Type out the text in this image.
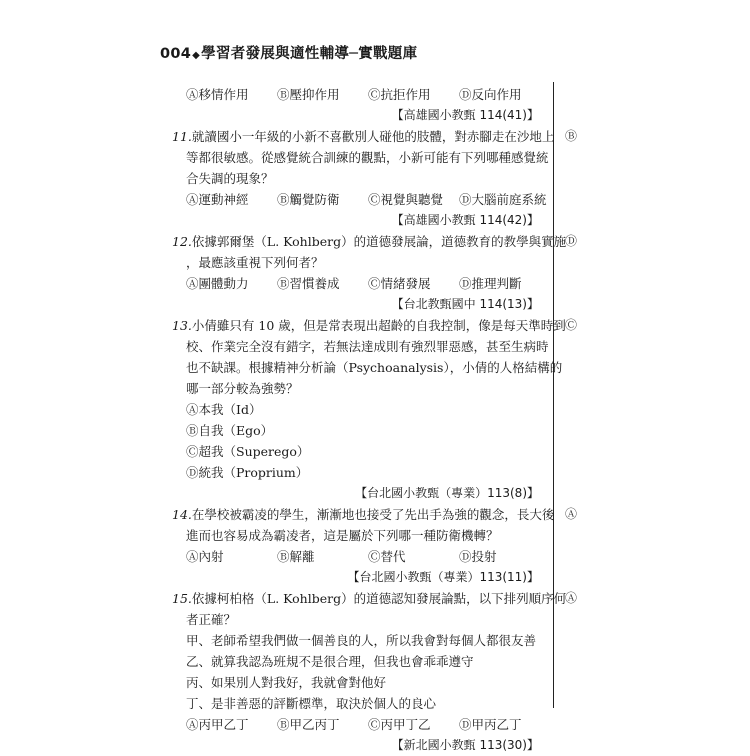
004◆學習者發展與適性輔導─實戰題庫
Ⓐ移情作用	Ⓑ壓抑作用	Ⓒ抗拒作用	Ⓓ反向作用
【高雄國小教甄 114(41)】
Ⓑ
11.就讀國小一年級的小新不喜歡別人碰他的肢體，對赤腳走在沙地上
等都很敏感。從感覺統合訓練的觀點，小新可能有下列哪種感覺統
合失調的現象？
Ⓐ運動神經	Ⓑ觸覺防衛	Ⓒ視覺與聽覺	Ⓓ大腦前庭系統
【高雄國小教甄 114(42)】
Ⓓ
12.依據郭爾堡（L. Kohlberg）的道德發展論，道德教育的教學與實施
，最應該重視下列何者？
Ⓐ團體動力	Ⓑ習慣養成	Ⓒ情緒發展	Ⓓ推理判斷
【台北教甄國中 114(13)】
Ⓒ
13.小倩雖只有 10 歲，但是常表現出超齡的自我控制，像是每天準時到
校、作業完全沒有錯字，若無法達成則有強烈罪惡感，甚至生病時
也不缺課。根據精神分析論（Psychoanalysis），小倩的人格結構的
哪一部分較為強勢？
Ⓐ本我（Id）
Ⓑ自我（Ego）
Ⓒ超我（Superego）
Ⓓ統我（Proprium）
【台北國小教甄（專業）113(8)】
Ⓐ
14.在學校被霸凌的學生，漸漸地也接受了先出手為強的觀念，長大後
進而也容易成為霸凌者，這是屬於下列哪一種防衛機轉？
Ⓐ內射	Ⓑ解離	Ⓒ替代	Ⓓ投射
【台北國小教甄（專業）113(11)】
Ⓐ
15.依據柯柏格（L. Kohlberg）的道德認知發展論點，以下排列順序何
者正確？
甲、老師希望我們做一個善良的人，所以我會對每個人都很友善
乙、就算我認為班規不是很合理，但我也會乖乖遵守
丙、如果別人對我好，我就會對他好
丁、是非善惡的評斷標準，取決於個人的良心
Ⓐ丙甲乙丁	Ⓑ甲乙丙丁	Ⓒ丙甲丁乙	Ⓓ甲丙乙丁
【新北國小教甄 113(30)】
